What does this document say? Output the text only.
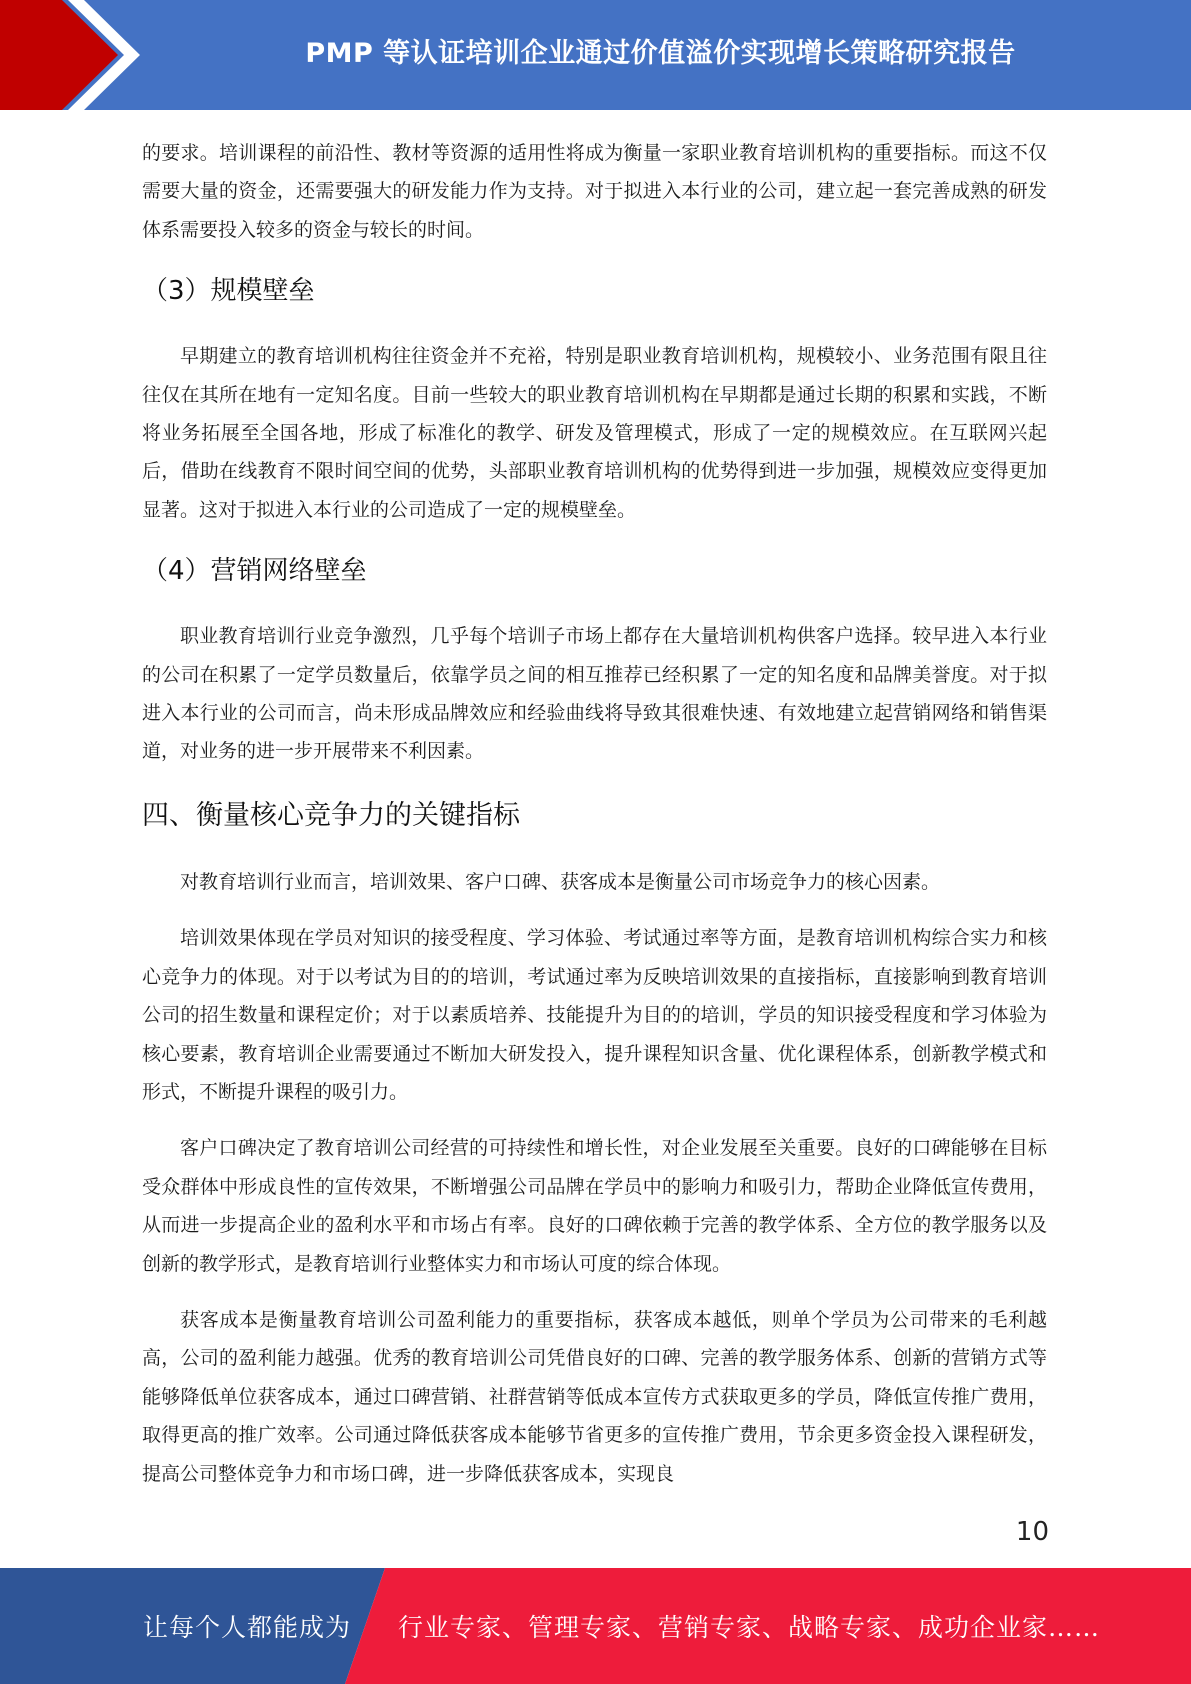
PMP 等认证培训企业通过价值溢价实现增长策略研究报告

的要求。培训课程的前沿性、教材等资源的适用性将成为衡量一家职业教育培训机构的重要指标。而这不仅需要大量的资金，还需要强大的研发能力作为支持。对于拟进入本行业的公司，建立起一套完善成熟的研发体系需要投入较多的资金与较长的时间。

（3）规模壁垒

早期建立的教育培训机构往往资金并不充裕，特别是职业教育培训机构，规模较小、业务范围有限且往往仅在其所在地有一定知名度。目前一些较大的职业教育培训机构在早期都是通过长期的积累和实践，不断将业务拓展至全国各地，形成了标准化的教学、研发及管理模式，形成了一定的规模效应。在互联网兴起后，借助在线教育不限时间空间的优势，头部职业教育培训机构的优势得到进一步加强，规模效应变得更加显著。这对于拟进入本行业的公司造成了一定的规模壁垒。

（4）营销网络壁垒

职业教育培训行业竞争激烈，几乎每个培训子市场上都存在大量培训机构供客户选择。较早进入本行业的公司在积累了一定学员数量后，依靠学员之间的相互推荐已经积累了一定的知名度和品牌美誉度。对于拟进入本行业的公司而言，尚未形成品牌效应和经验曲线将导致其很难快速、有效地建立起营销网络和销售渠道，对业务的进一步开展带来不利因素。

四、衡量核心竞争力的关键指标

对教育培训行业而言，培训效果、客户口碑、获客成本是衡量公司市场竞争力的核心因素。

培训效果体现在学员对知识的接受程度、学习体验、考试通过率等方面，是教育培训机构综合实力和核心竞争力的体现。对于以考试为目的的培训，考试通过率为反映培训效果的直接指标，直接影响到教育培训公司的招生数量和课程定价；对于以素质培养、技能提升为目的的培训，学员的知识接受程度和学习体验为核心要素，教育培训企业需要通过不断加大研发投入，提升课程知识含量、优化课程体系，创新教学模式和形式，不断提升课程的吸引力。

客户口碑决定了教育培训公司经营的可持续性和增长性，对企业发展至关重要。良好的口碑能够在目标受众群体中形成良性的宣传效果，不断增强公司品牌在学员中的影响力和吸引力，帮助企业降低宣传费用，从而进一步提高企业的盈利水平和市场占有率。良好的口碑依赖于完善的教学体系、全方位的教学服务以及创新的教学形式，是教育培训行业整体实力和市场认可度的综合体现。

获客成本是衡量教育培训公司盈利能力的重要指标，获客成本越低，则单个学员为公司带来的毛利越高，公司的盈利能力越强。优秀的教育培训公司凭借良好的口碑、完善的教学服务体系、创新的营销方式等能够降低单位获客成本，通过口碑营销、社群营销等低成本宣传方式获取更多的学员，降低宣传推广费用，取得更高的推广效率。公司通过降低获客成本能够节省更多的宣传推广费用，节余更多资金投入课程研发，提高公司整体竞争力和市场口碑，进一步降低获客成本，实现良

10
让每个人都能成为 行业专家、管理专家、营销专家、战略专家、成功企业家……
